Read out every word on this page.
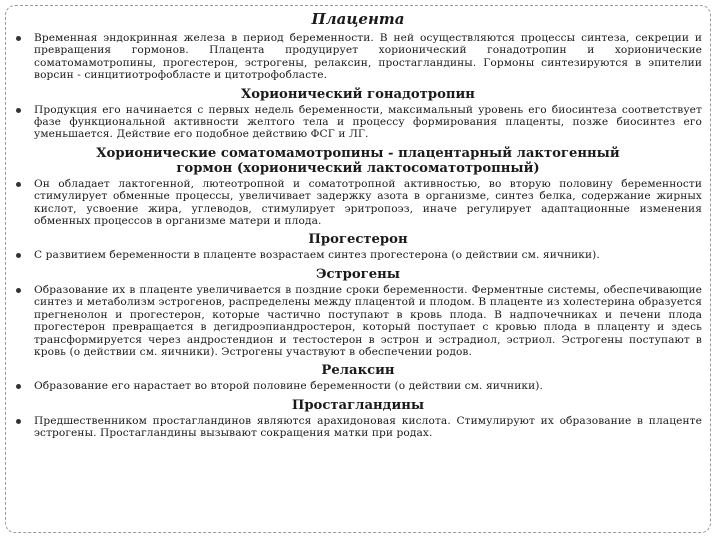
Плацента

Временная эндокринная железа в период беременности. В ней осуществляются процессы синтеза, секреции и превращения гормонов. Плацента продуцирует хорионический гонадотропин и хорионические соматомамотропины, прогестерон, эстрогены, релаксин, простагландины. Гормоны синтезируются в эпителии ворсин - синцитиотрофобласте и цитотрофобласте.

Хорионический гонадотропин

Продукция его начинается с первых недель беременности, максимальный уровень его биосинтеза соответствует фазе функциональной активности желтого тела и процессу формирования плаценты, позже биосинтез его уменьшается. Действие его подобное действию ФСГ и ЛГ.

Хорионические соматомамотропины - плацентарный лактогенный гормон (хорионический лактосоматотропный)

Он обладает лактогенной, лютеотропной и соматотропной активностью, во вторую половину беременности стимулирует обменные процессы, увеличивает задержку азота в организме, синтез белка, содержание жирных кислот, усвоение жира, углеводов, стимулирует эритропоэз, иначе регулирует адаптационные изменения обменных процессов в организме матери и плода.

Прогестерон

С развитием беременности в плаценте возрастаем синтез прогестерона (о действии см. яичники).

Эстрогены

Образование их в плаценте увеличивается в поздние сроки беременности. Ферментные системы, обеспечивающие синтез и метаболизм эстрогенов, распределены между плацентой и плодом. В плаценте из холестерина образуется прегненолон и прогестерон, которые частично поступают в кровь плода. В надпочечниках и печени плода прогестерон превращается в дегидроэпиандростерон, который поступает с кровью плода в плаценту и здесь трансформируется через андростендион и тестостерон в эстрон и эстрадиол, эстриол. Эстрогены поступают в кровь (о действии см. яичники). Эстрогены участвуют в обеспечении родов.

Релаксин

Образование его нарастает во второй половине беременности (о действии см. яичники).

Простагландины

Предшественником простагландинов являются арахидоновая кислота. Стимулируют их образование в плаценте эстрогены. Простагландины вызывают сокращения матки при родах.
